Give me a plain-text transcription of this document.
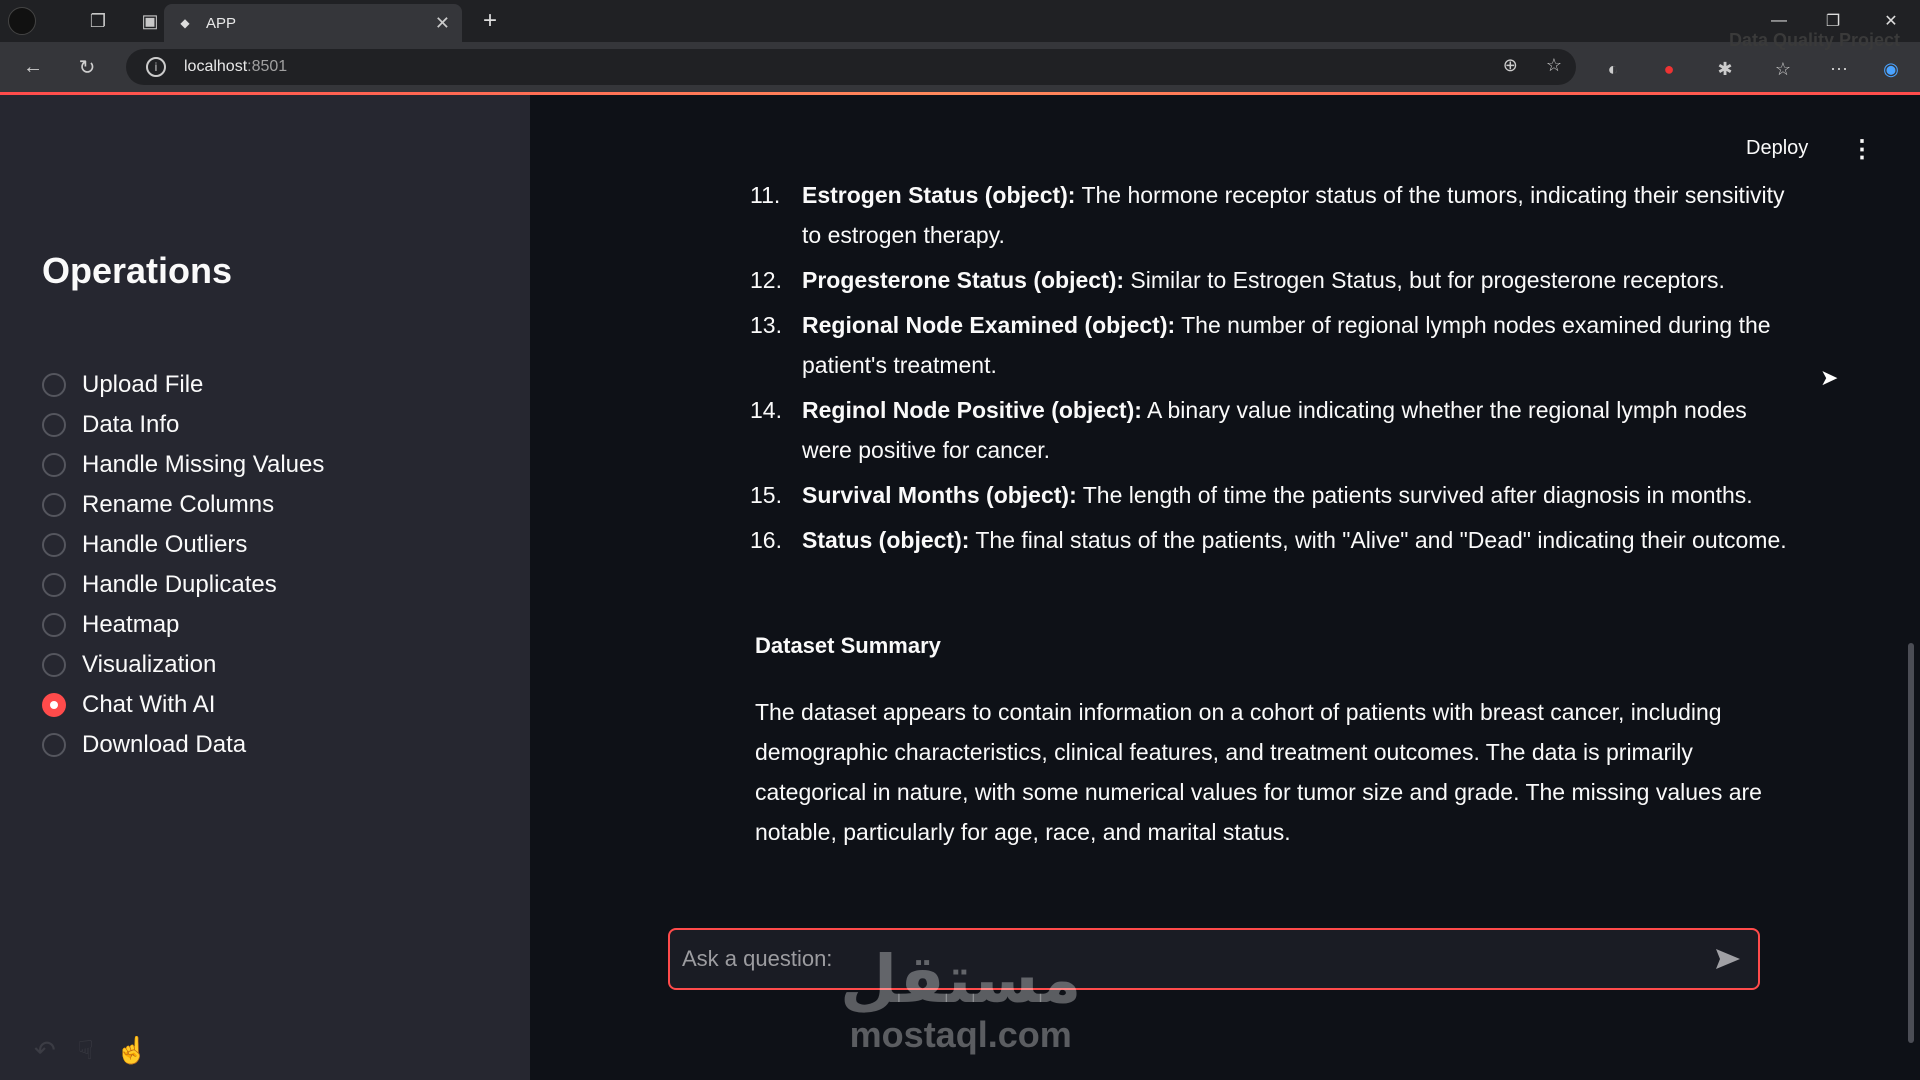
❐	▣	◆ APP	✕	+	—	❐	✕
←	↻	i	localhost:8501	⊕ ☆	◐	●	✱	☆	⋯	◉
Data Quality Project
Operations
Upload File
Data Info
Handle Missing Values
Rename Columns
Handle Outliers
Handle Duplicates
Heatmap
Visualization
Chat With AI
Download Data
↶ ☟ ☝
Deploy ⋮
11. Estrogen Status (object): The hormone receptor status of the tumors, indicating their sensitivity to estrogen therapy.
12. Progesterone Status (object): Similar to Estrogen Status, but for progesterone receptors.
13. Regional Node Examined (object): The number of regional lymph nodes examined during the patient's treatment.
14. Reginol Node Positive (object): A binary value indicating whether the regional lymph nodes were positive for cancer.
15. Survival Months (object): The length of time the patients survived after diagnosis in months.
16. Status (object): The final status of the patients, with "Alive" and "Dead" indicating their outcome.
Dataset Summary
The dataset appears to contain information on a cohort of patients with breast cancer, including demographic characteristics, clinical features, and treatment outcomes. The data is primarily categorical in nature, with some numerical values for tumor size and grade. The missing values are notable, particularly for age, race, and marital status.
Ask a question:
مستقل
mostaql.com
➤
